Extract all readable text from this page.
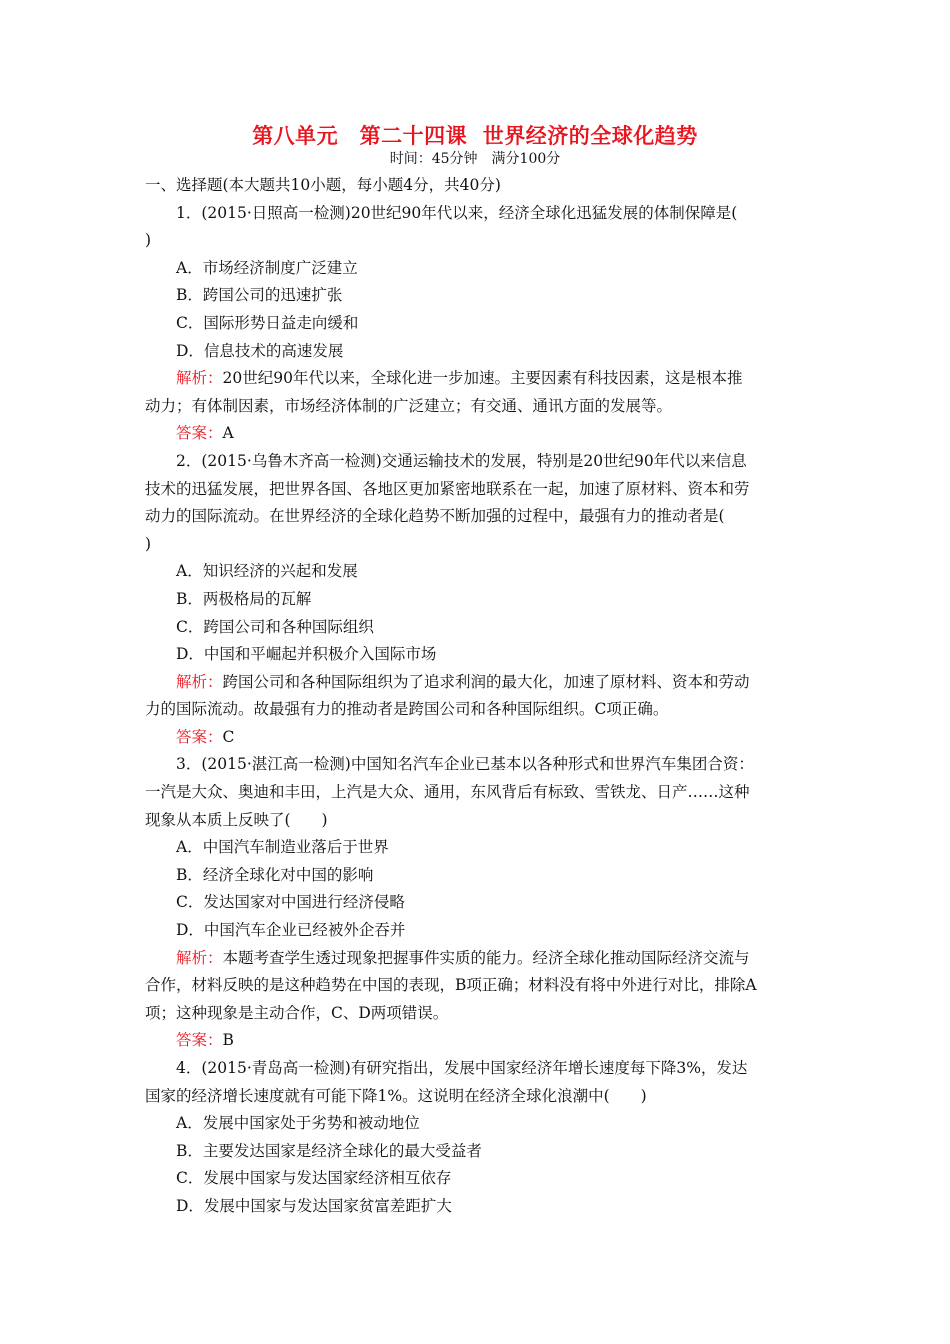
第八单元　第二十四课  世界经济的全球化趋势
时间：45分钟　满分100分
一、选择题(本大题共10小题，每小题4分，共40分)
1．(2015·日照高一检测)20世纪90年代以来，经济全球化迅猛发展的体制保障是(
)
A．市场经济制度广泛建立
B．跨国公司的迅速扩张
C．国际形势日益走向缓和
D．信息技术的高速发展
解析：20世纪90年代以来，全球化进一步加速。主要因素有科技因素，这是根本推
动力；有体制因素，市场经济体制的广泛建立；有交通、通讯方面的发展等。
答案：A
2．(2015·乌鲁木齐高一检测)交通运输技术的发展，特别是20世纪90年代以来信息
技术的迅猛发展，把世界各国、各地区更加紧密地联系在一起，加速了原材料、资本和劳
动力的国际流动。在世界经济的全球化趋势不断加强的过程中，最强有力的推动者是(
)
A．知识经济的兴起和发展
B．两极格局的瓦解
C．跨国公司和各种国际组织
D．中国和平崛起并积极介入国际市场
解析：跨国公司和各种国际组织为了追求利润的最大化，加速了原材料、资本和劳动
力的国际流动。故最强有力的推动者是跨国公司和各种国际组织。C项正确。
答案：C
3．(2015·湛江高一检测)中国知名汽车企业已基本以各种形式和世界汽车集团合资：
一汽是大众、奥迪和丰田，上汽是大众、通用，东风背后有标致、雪铁龙、日产……这种
现象从本质上反映了(　　)
A．中国汽车制造业落后于世界
B．经济全球化对中国的影响
C．发达国家对中国进行经济侵略
D．中国汽车企业已经被外企吞并
解析：本题考查学生透过现象把握事件实质的能力。经济全球化推动国际经济交流与
合作，材料反映的是这种趋势在中国的表现，B项正确；材料没有将中外进行对比，排除A
项；这种现象是主动合作，C、D两项错误。
答案：B
4．(2015·青岛高一检测)有研究指出，发展中国家经济年增长速度每下降3%，发达
国家的经济增长速度就有可能下降1%。这说明在经济全球化浪潮中(　　)
A．发展中国家处于劣势和被动地位
B．主要发达国家是经济全球化的最大受益者
C．发展中国家与发达国家经济相互依存
D．发展中国家与发达国家贫富差距扩大
